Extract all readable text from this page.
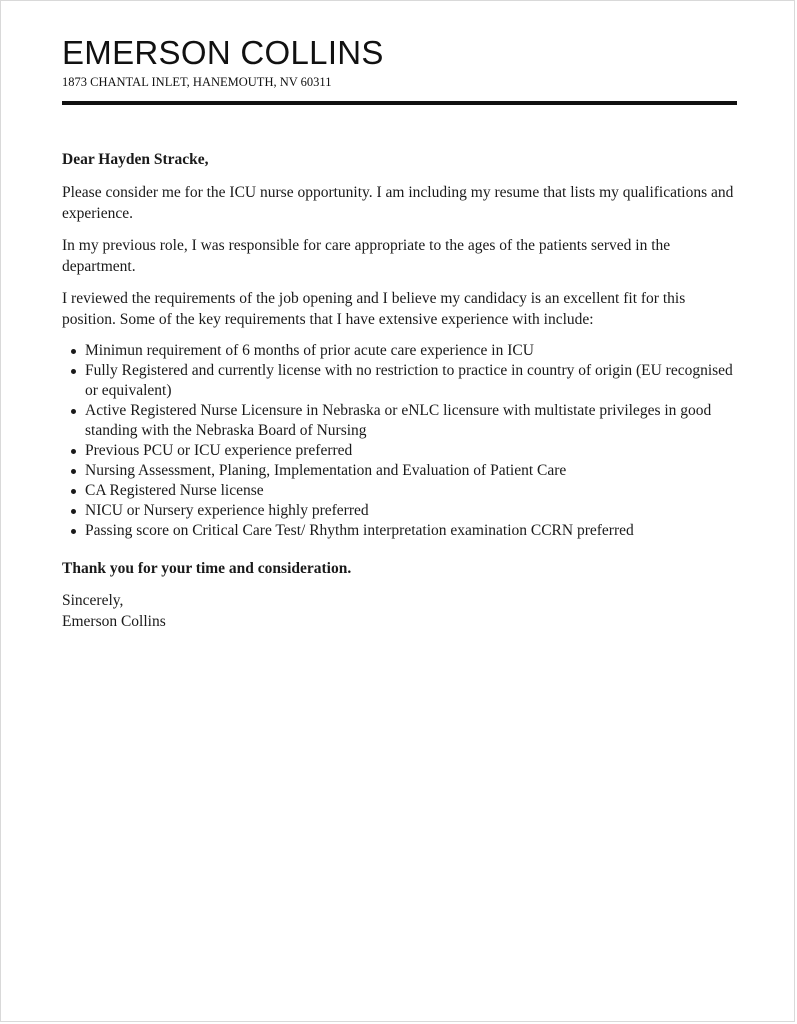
EMERSON COLLINS

1873 CHANTAL INLET, HANEMOUTH, NV 60311

Dear Hayden Stracke,

Please consider me for the ICU nurse opportunity. I am including my resume that lists my qualifications and experience.

In my previous role, I was responsible for care appropriate to the ages of the patients served in the department.

I reviewed the requirements of the job opening and I believe my candidacy is an excellent fit for this position. Some of the key requirements that I have extensive experience with include:

Minimun requirement of 6 months of prior acute care experience in ICU
Fully Registered and currently license with no restriction to practice in country of origin (EU recognised or equivalent)
Active Registered Nurse Licensure in Nebraska or eNLC licensure with multistate privileges in good standing with the Nebraska Board of Nursing
Previous PCU or ICU experience preferred
Nursing Assessment, Planing, Implementation and Evaluation of Patient Care
CA Registered Nurse license
NICU or Nursery experience highly preferred
Passing score on Critical Care Test/ Rhythm interpretation examination CCRN preferred

Thank you for your time and consideration.

Sincerely,

Emerson Collins
